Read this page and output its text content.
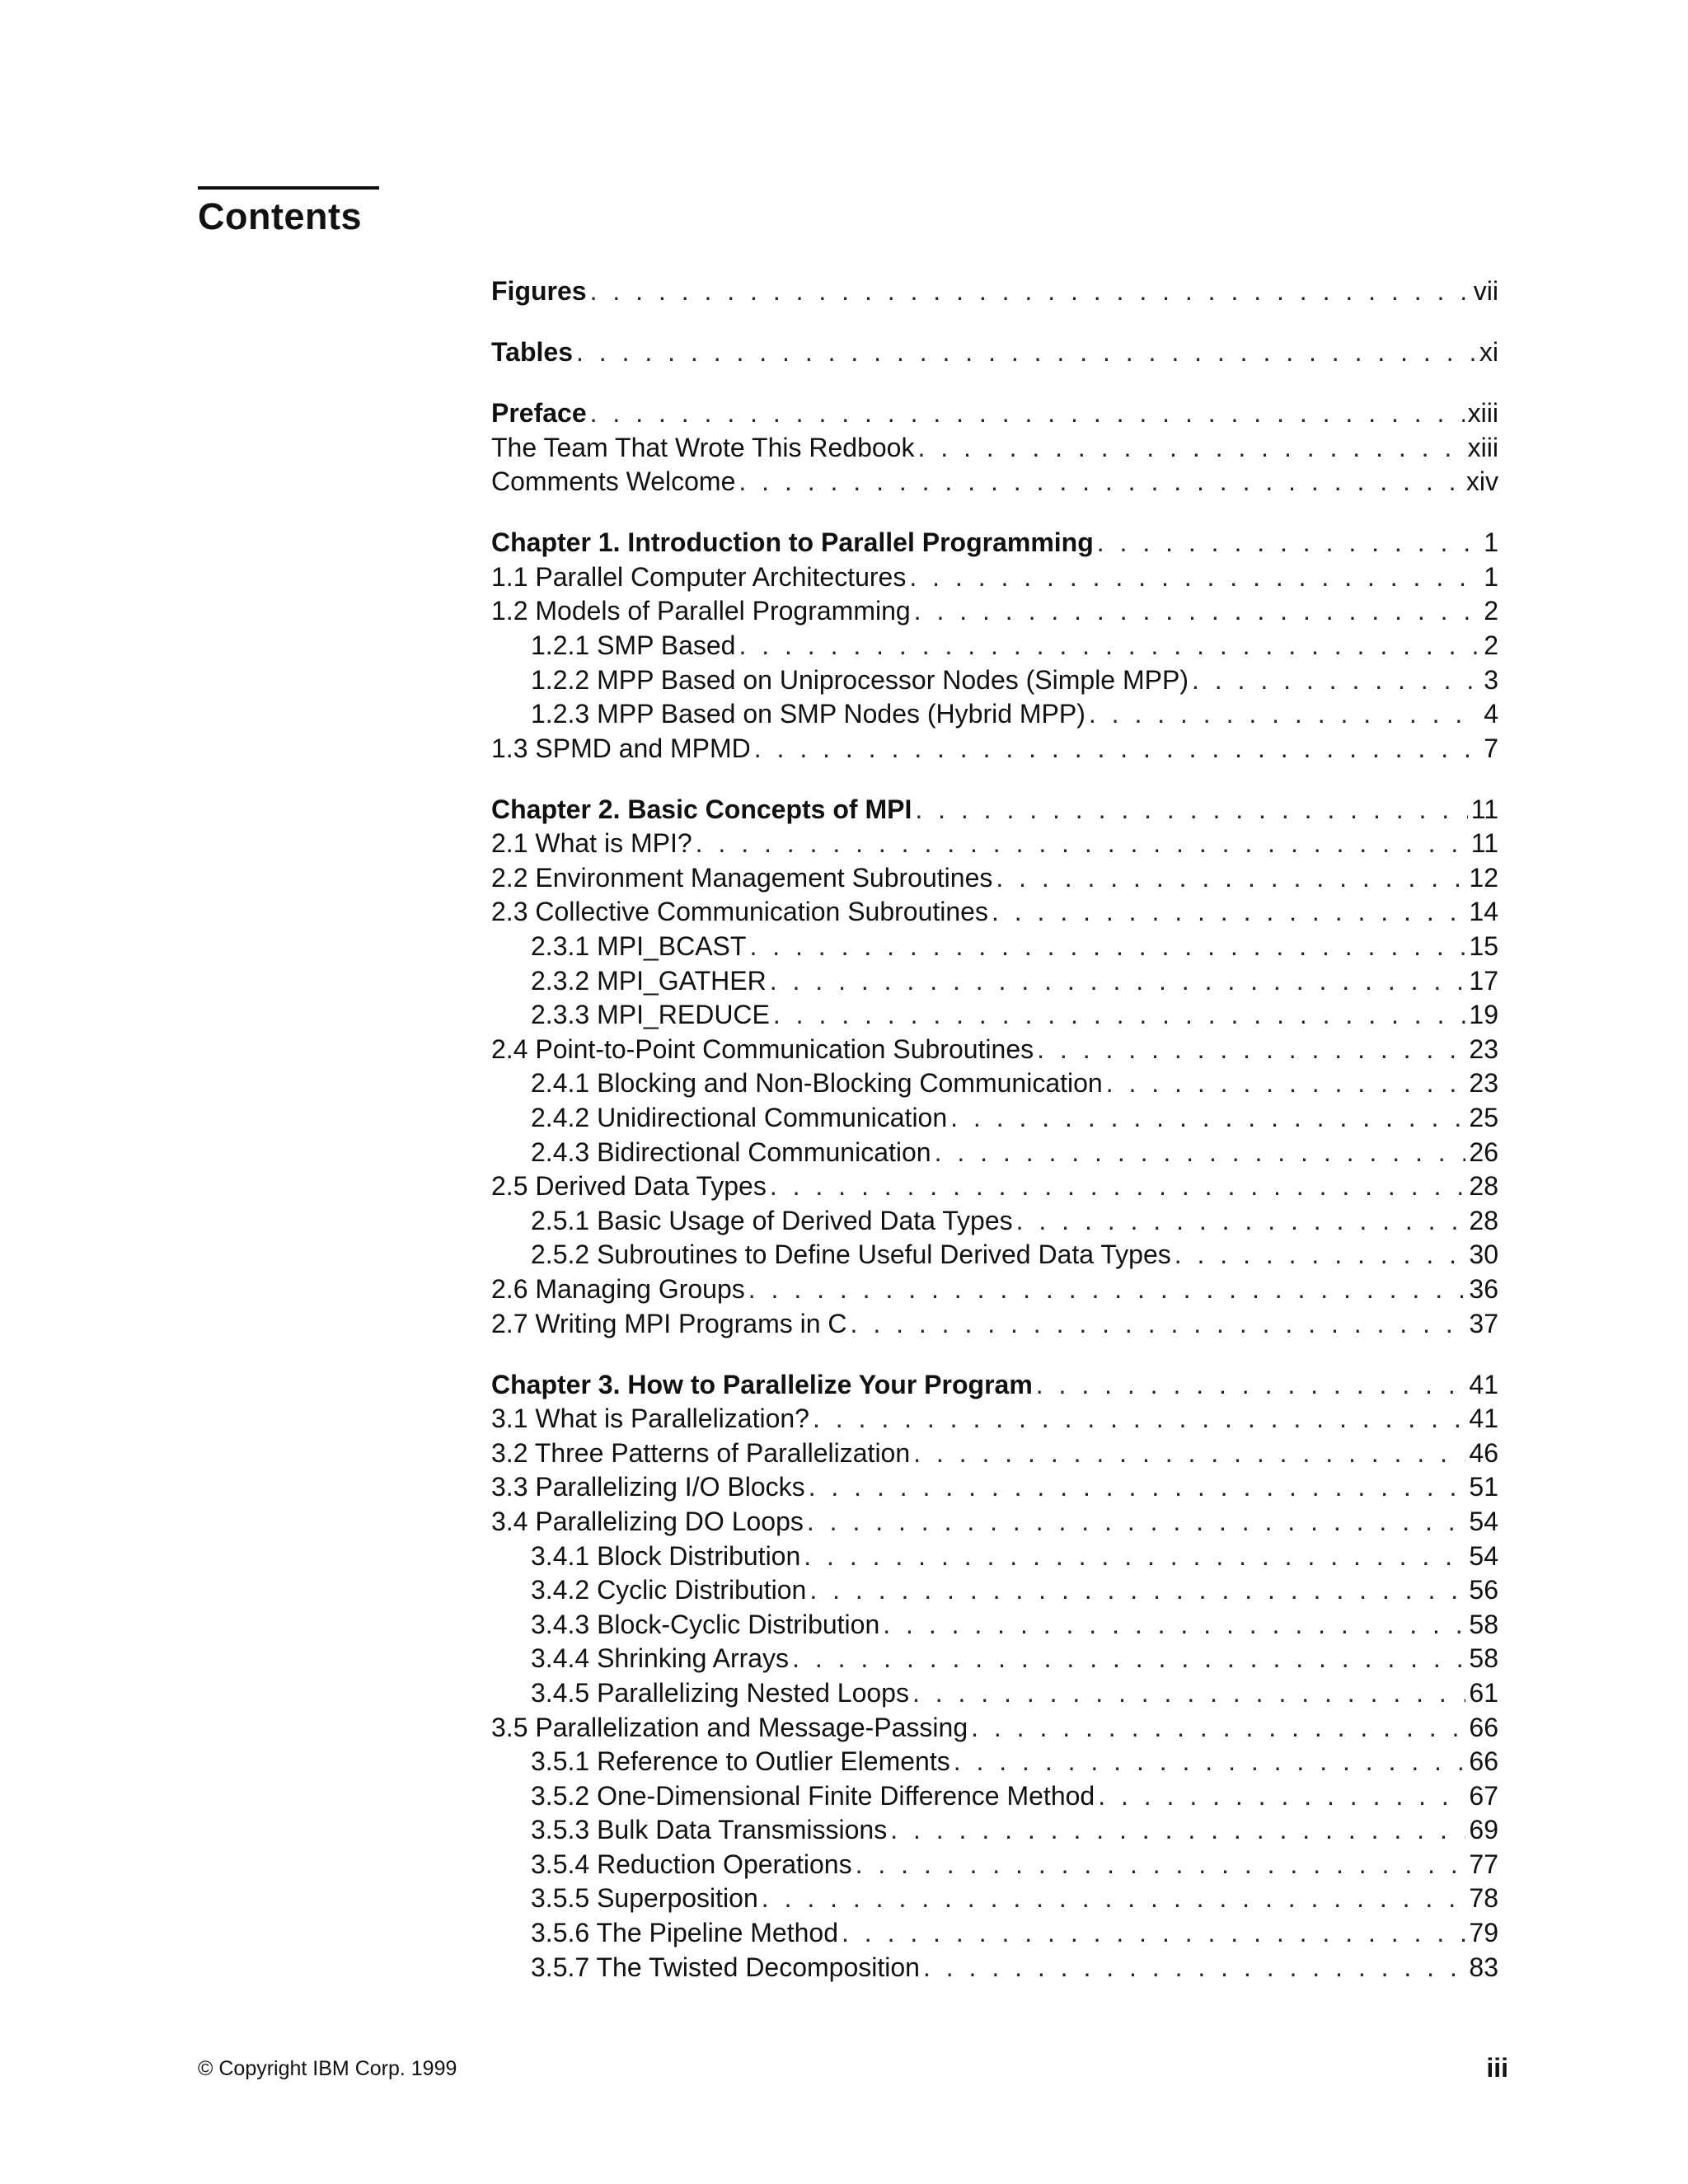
Contents
Figures . . .	vii
Tables . . .	xi
Preface . . .	xiii
The Team That Wrote This Redbook . . .	xiii
Comments Welcome . . .	xiv
Chapter 1. Introduction to Parallel Programming . . .	1
1.1 Parallel Computer Architectures . . .	1
1.2 Models of Parallel Programming . . .	2
1.2.1 SMP Based . . .	2
1.2.2 MPP Based on Uniprocessor Nodes (Simple MPP) . . .	3
1.2.3 MPP Based on SMP Nodes (Hybrid MPP) . . .	4
1.3 SPMD and MPMD . . .	7
Chapter 2. Basic Concepts of MPI . . .	11
2.1 What is MPI? . . .	11
2.2 Environment Management Subroutines . . .	12
2.3 Collective Communication Subroutines . . .	14
2.3.1 MPI_BCAST . . .	15
2.3.2 MPI_GATHER . . .	17
2.3.3 MPI_REDUCE . . .	19
2.4 Point-to-Point Communication Subroutines . . .	23
2.4.1 Blocking and Non-Blocking Communication . . .	23
2.4.2 Unidirectional Communication . . .	25
2.4.3 Bidirectional Communication . . .	26
2.5 Derived Data Types . . .	28
2.5.1 Basic Usage of Derived Data Types . . .	28
2.5.2 Subroutines to Define Useful Derived Data Types . . .	30
2.6 Managing Groups . . .	36
2.7 Writing MPI Programs in C . . .	37
Chapter 3. How to Parallelize Your Program . . .	41
3.1 What is Parallelization? . . .	41
3.2 Three Patterns of Parallelization . . .	46
3.3 Parallelizing I/O Blocks . . .	51
3.4 Parallelizing DO Loops . . .	54
3.4.1 Block Distribution . . .	54
3.4.2 Cyclic Distribution . . .	56
3.4.3 Block-Cyclic Distribution . . .	58
3.4.4 Shrinking Arrays . . .	58
3.4.5 Parallelizing Nested Loops . . .	61
3.5 Parallelization and Message-Passing . . .	66
3.5.1 Reference to Outlier Elements . . .	66
3.5.2 One-Dimensional Finite Difference Method . . .	67
3.5.3 Bulk Data Transmissions . . .	69
3.5.4 Reduction Operations . . .	77
3.5.5 Superposition . . .	78
3.5.6 The Pipeline Method . . .	79
3.5.7 The Twisted Decomposition . . .	83
© Copyright IBM Corp. 1999	iii
